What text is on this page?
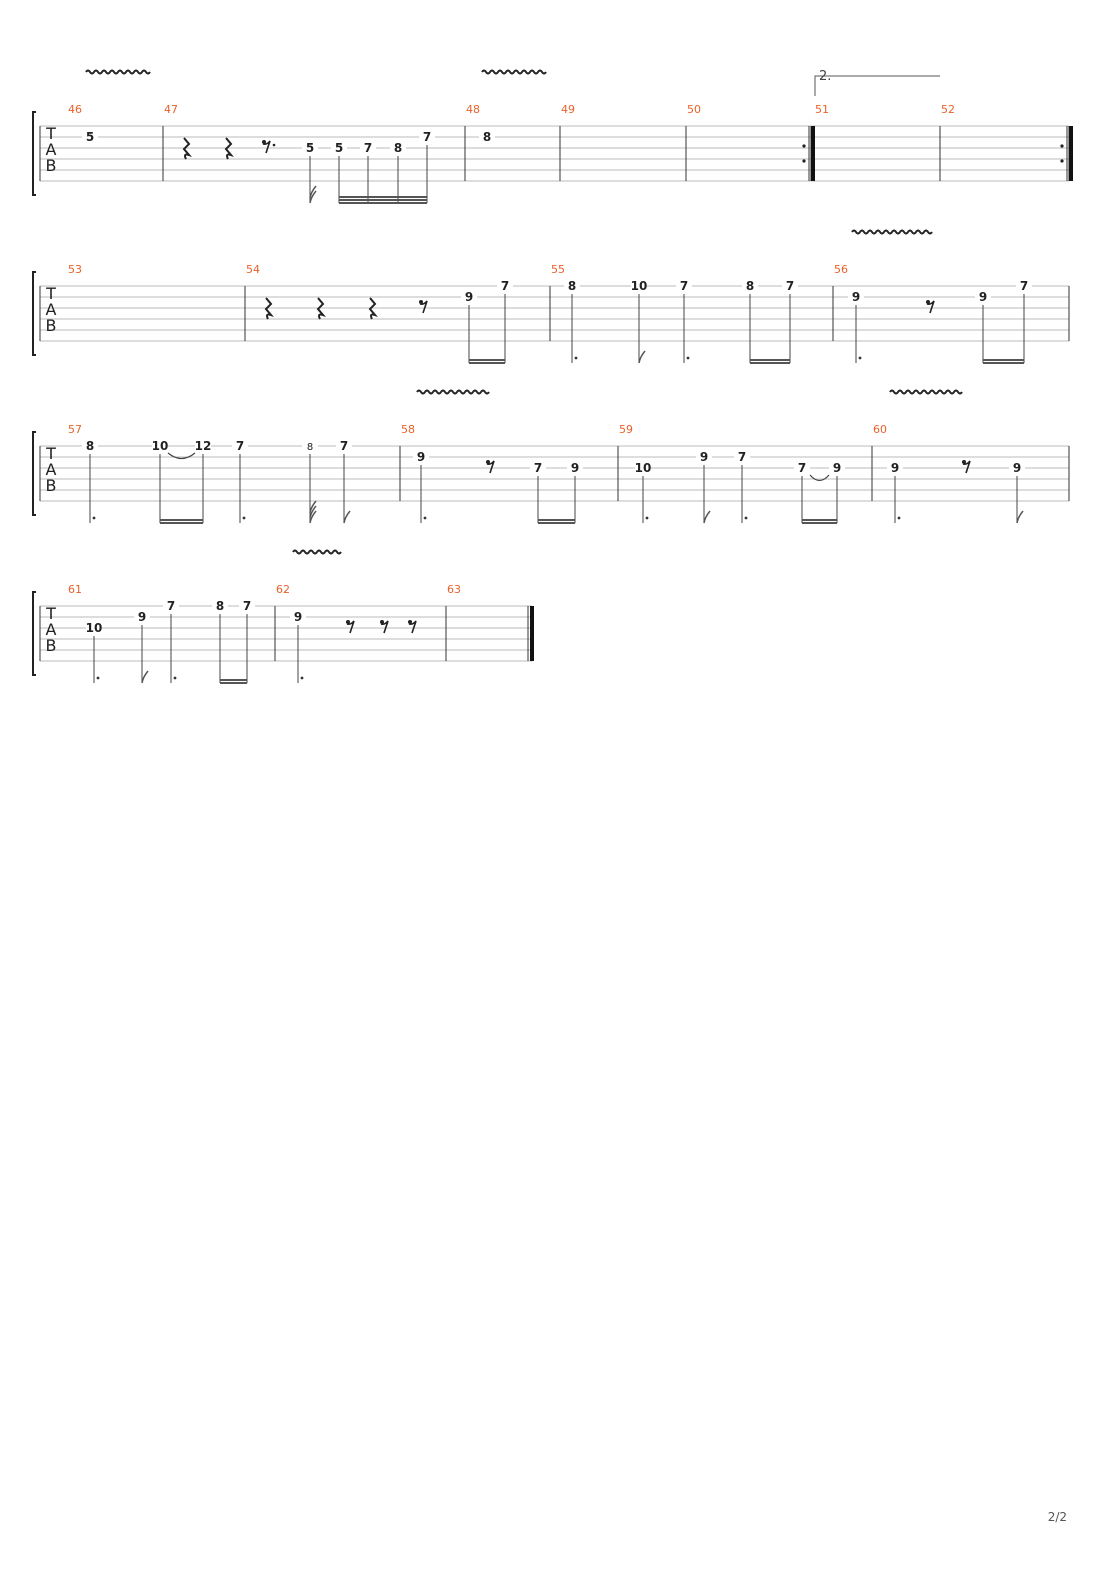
T
A
B
46
5
47
5 5 7 8
7
48
8
49	50	51
2.
52
T
A
B
53	54
9
7
55
8	10	7	8	7
56
9	9
7
T
A
B
57
8	10 12 7	8 7
58
9
7 9
59
10
9 7
7 9
60
9	9
T
A
B
61
10
9
7	8 7
62
9
63
2/2
